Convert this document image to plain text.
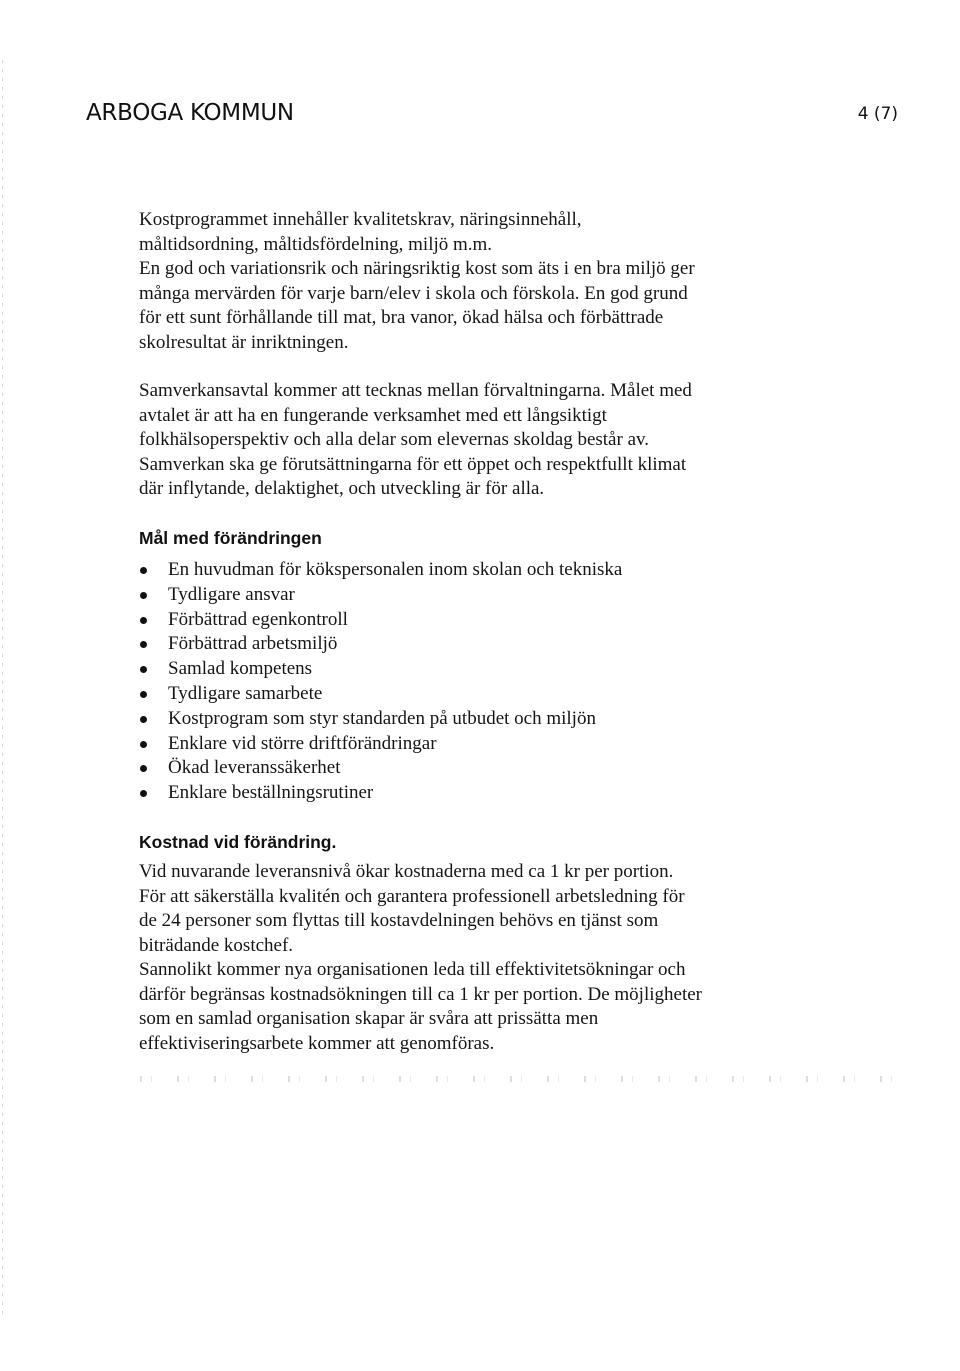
ARBOGA KOMMUN	4 (7)
Kostprogrammet innehåller kvalitetskrav, näringsinnehåll,
måltidsordning, måltidsfördelning, miljö m.m.
En god och variationsrik och näringsriktig kost som äts i en bra miljö ger
många mervärden för varje barn/elev i skola och förskola. En god grund
för ett sunt förhållande till mat, bra vanor, ökad hälsa och förbättrade
skolresultat är inriktningen.
Samverkansavtal kommer att tecknas mellan förvaltningarna. Målet med
avtalet är att ha en fungerande verksamhet med ett långsiktigt
folkhälsoperspektiv och alla delar som elevernas skoldag består av.
Samverkan ska ge förutsättningarna för ett öppet och respektfullt klimat
där inflytande, delaktighet, och utveckling är för alla.
Mål med förändringen
En huvudman för kökspersonalen inom skolan och tekniska
Tydligare ansvar
Förbättrad egenkontroll
Förbättrad arbetsmiljö
Samlad kompetens
Tydligare samarbete
Kostprogram som styr standarden på utbudet och miljön
Enklare vid större driftförändringar
Ökad leveranssäkerhet
Enklare beställningsrutiner
Kostnad vid förändring.
Vid nuvarande leveransnivå ökar kostnaderna med ca 1 kr per portion.
För att säkerställa kvalitén och garantera professionell arbetsledning för
de 24 personer som flyttas till kostavdelningen behövs en tjänst som
biträdande kostchef.
Sannolikt kommer nya organisationen leda till effektivitetsökningar och
därför begränsas kostnadsökningen till ca 1 kr per portion. De möjligheter
som en samlad organisation skapar är svåra att prissätta men
effektiviseringsarbete kommer att genomföras.
